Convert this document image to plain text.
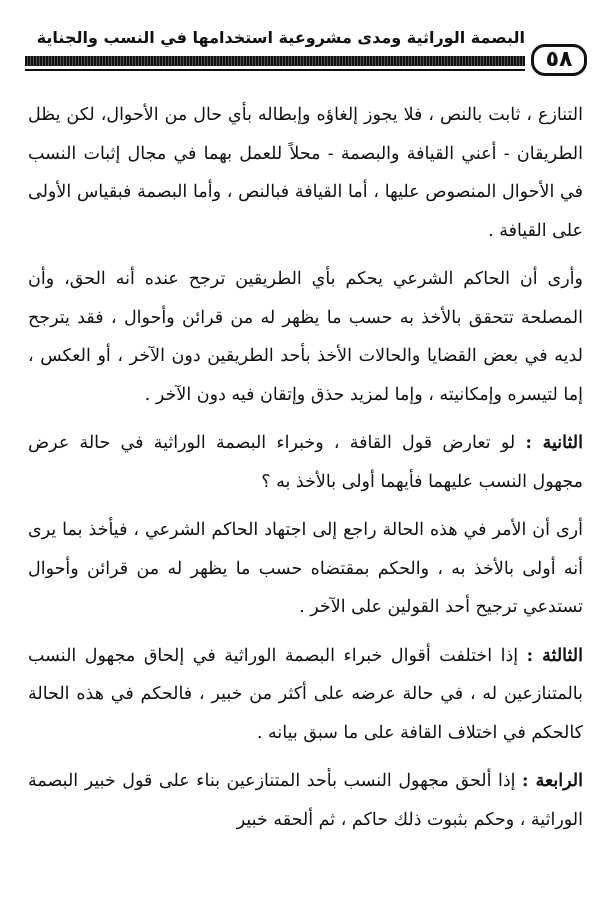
٥٨
البصمة الوراثية ومدى مشروعية استخدامها في النسب والجناية

التنازع ، ثابت بالنص ، فلا يجوز إلغاؤه وإبطاله بأي حال من الأحوال، لكن يظل الطريقان - أعني القيافة والبصمة - محلاً للعمل بهما في مجال إثبات النسب في الأحوال المنصوص عليها ، أما القيافة فبالنص ، وأما البصمة فبقياس الأولى على القيافة .

وأرى أن الحاكم الشرعي يحكم بأي الطريقين ترجح عنده أنه الحق، وأن المصلحة تتحقق بالأخذ به حسب ما يظهر له من قرائن وأحوال ، فقد يترجح لديه في بعض القضايا والحالات الأخذ بأحد الطريقين دون الآخر ، أو العكس ، إما لتيسره وإمكانيته ، وإما لمزيد حذق وإتقان فيه دون الآخر .

الثانية : لو تعارض قول القافة ، وخبراء البصمة الوراثية في حالة عرض مجهول النسب عليهما فأيهما أولى بالأخذ به ؟

أرى أن الأمر في هذه الحالة راجع إلى اجتهاد الحاكم الشرعي ، فيأخذ بما يرى أنه أولى بالأخذ به ، والحكم بمقتضاه حسب ما يظهر له من قرائن وأحوال تستدعي ترجيح أحد القولين على الآخر .

الثالثة : إذا اختلفت أقوال خبراء البصمة الوراثية في إلحاق مجهول النسب بالمتنازعين له ، في حالة عرضه على أكثر من خبير ، فالحكم في هذه الحالة كالحكم في اختلاف القافة على ما سبق بيانه .

الرابعة : إذا ألحق مجهول النسب بأحد المتنازعين بناء على قول خبير البصمة الوراثية ، وحكم بثبوت ذلك حاكم ، ثم ألحقه خبير
